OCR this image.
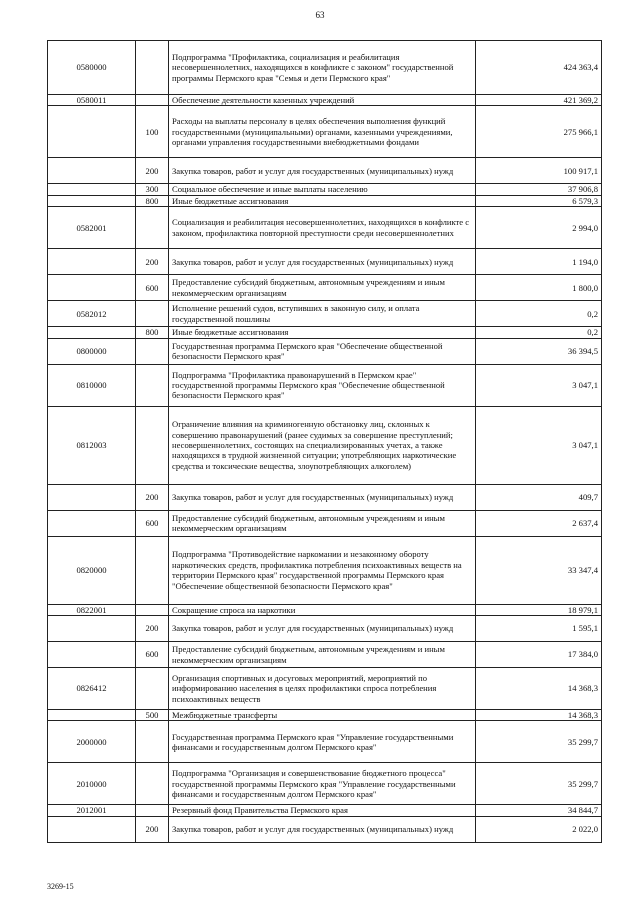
63
0580000		Подпрограмма "Профилактика, социализация и реабилитация несовершеннолетних, находящихся в конфликте с законом" государственной программы Пермского края "Семья и дети Пермского края"	424 363,4
0580011		Обеспечение деятельности казенных учреждений	421 369,2
	100	Расходы на выплаты персоналу в целях обеспечения выполнения функций государственными (муниципальными) органами, казенными учреждениями, органами управления государственными внебюджетными фондами	275 966,1
	200	Закупка товаров, работ и услуг для государственных (муниципальных) нужд	100 917,1
	300	Социальное обеспечение и иные выплаты населению	37 906,8
	800	Иные бюджетные ассигнования	6 579,3
0582001		Социализация и реабилитация несовершеннолетних, находящихся в конфликте с законом, профилактика повторной преступности среди несовершеннолетних	2 994,0
	200	Закупка товаров, работ и услуг для государственных (муниципальных) нужд	1 194,0
	600	Предоставление субсидий бюджетным, автономным учреждениям и иным некоммерческим организациям	1 800,0
0582012		Исполнение решений судов, вступивших в законную силу, и оплата государственной пошлины	0,2
	800	Иные бюджетные ассигнования	0,2
0800000		Государственная программа Пермского края "Обеспечение общественной безопасности Пермского края"	36 394,5
0810000		Подпрограмма "Профилактика правонарушений в Пермском крае" государственной программы Пермского края "Обеспечение общественной безопасности Пермского края"	3 047,1
0812003		Ограничение влияния на криминогенную обстановку лиц, склонных к совершению правонарушений (ранее судимых за совершение преступлений; несовершеннолетних, состоящих на специализированных учетах, а также находящихся в трудной жизненной ситуации; употребляющих наркотические средства и токсические вещества, злоупотребляющих алкоголем)	3 047,1
	200	Закупка товаров, работ и услуг для государственных (муниципальных) нужд	409,7
	600	Предоставление субсидий бюджетным, автономным учреждениям и иным некоммерческим организациям	2 637,4
0820000		Подпрограмма "Противодействие наркомании и незаконному обороту наркотических средств, профилактика потребления психоактивных веществ на территории Пермского края" государственной программы Пермского края "Обеспечение общественной безопасности Пермского края"	33 347,4
0822001		Сокращение спроса на наркотики	18 979,1
	200	Закупка товаров, работ и услуг для государственных (муниципальных) нужд	1 595,1
	600	Предоставление субсидий бюджетным, автономным учреждениям и иным некоммерческим организациям	17 384,0
0826412		Организация спортивных и досуговых мероприятий, мероприятий по информированию населения в целях профилактики спроса потребления психоактивных веществ	14 368,3
	500	Межбюджетные трансферты	14 368,3
2000000		Государственная программа Пермского края "Управление государственными финансами и государственным долгом Пермского края"	35 299,7
2010000		Подпрограмма "Организация и совершенствование бюджетного процесса" государственной программы Пермского края "Управление государственными финансами и государственным долгом Пермского края"	35 299,7
2012001		Резервный фонд Правительства Пермского края	34 844,7
	200	Закупка товаров, работ и услуг для государственных (муниципальных) нужд	2 022,0
3269-15
